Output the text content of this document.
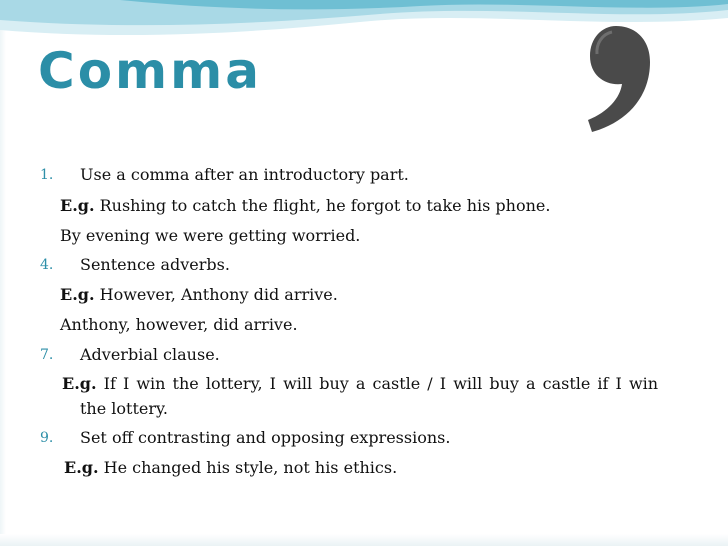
Comma
1. Use a comma after an introductory part.
E.g. Rushing to catch the flight, he forgot to take his phone.
By evening we were getting worried.
4. Sentence adverbs.
E.g. However, Anthony did arrive.
Anthony, however, did arrive.
7. Adverbial clause.
E.g. If I win the lottery, I will buy a castle / I will buy a castle if I win
the lottery.
9. Set off contrasting and opposing expressions.
E.g. He changed his style, not his ethics.
